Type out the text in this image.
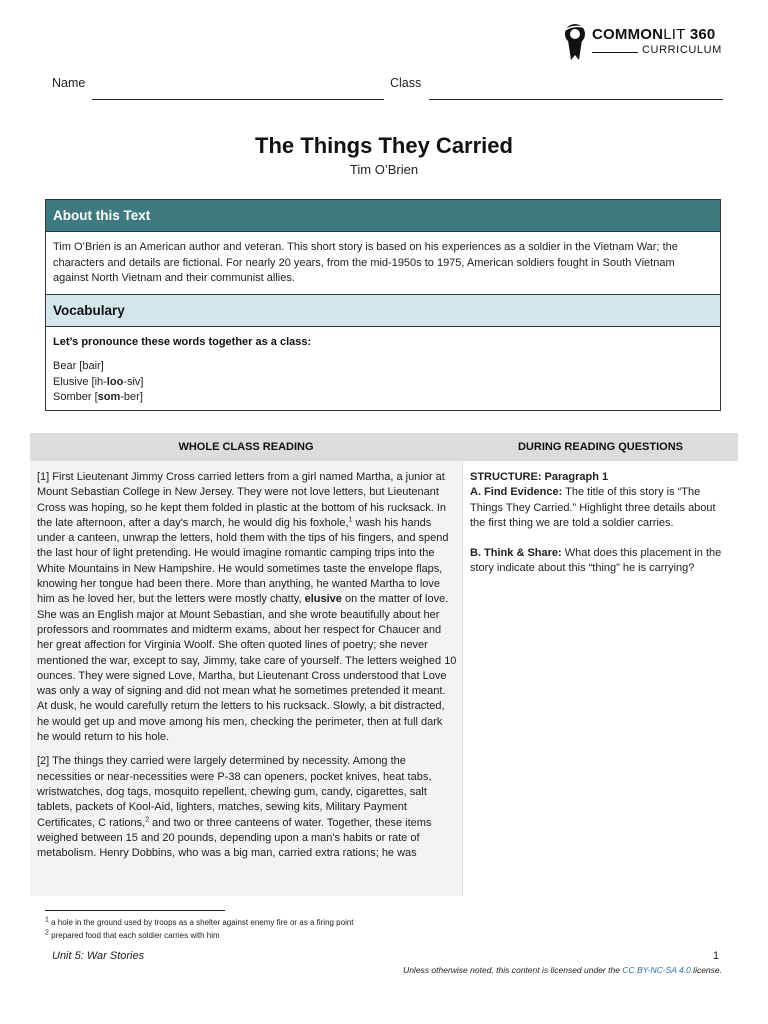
COMMONLIT 360
CURRICULUM
Name	Class
The Things They Carried
Tim O’Brien
About this Text
Tim O’Brien is an American author and veteran. This short story is based on his experiences as a soldier in the Vietnam War; the characters and details are fictional. For nearly 20 years, from the mid-1950s to 1975, American soldiers fought in South Vietnam against North Vietnam and their communist allies.
Vocabulary
Let’s pronounce these words together as a class:
Bear [bair]
Elusive [ih-loo-siv]
Somber [som-ber]
WHOLE CLASS READING	DURING READING QUESTIONS

[1] First Lieutenant Jimmy Cross carried letters from a girl named Martha, a junior at Mount Sebastian College in New Jersey. They were not love letters, but Lieutenant Cross was hoping, so he kept them folded in plastic at the bottom of his rucksack. In the late afternoon, after a day's march, he would dig his foxhole,$^1$ wash his hands under a canteen, unwrap the letters, hold them with the tips of his fingers, and spend the last hour of light pretending. He would imagine romantic camping trips into the White Mountains in New Hampshire. He would sometimes taste the envelope flaps, knowing her tongue had been there. More than anything, he wanted Martha to love him as he loved her, but the letters were mostly chatty, elusive on the matter of love. She was an English major at Mount Sebastian, and she wrote beautifully about her professors and roommates and midterm exams, about her respect for Chaucer and her great affection for Virginia Woolf. She often quoted lines of poetry; she never mentioned the war, except to say, Jimmy, take care of yourself. The letters weighed 10 ounces. They were signed Love, Martha, but Lieutenant Cross understood that Love was only a way of signing and did not mean what he sometimes pretended it meant. At dusk, he would carefully return the letters to his rucksack. Slowly, a bit distracted, he would get up and move among his men, checking the perimeter, then at full dark he would return to his hole.

[2] The things they carried were largely determined by necessity. Among the necessities or near-necessities were P-38 can openers, pocket knives, heat tabs, wristwatches, dog tags, mosquito repellent, chewing gum, candy, cigarettes, salt tablets, packets of Kool-Aid, lighters, matches, sewing kits, Military Payment Certificates, C rations,$^2$ and two or three canteens of water. Together, these items weighed between 15 and 20 pounds, depending upon a man's habits or rate of metabolism. Henry Dobbins, who was a big man, carried extra rations; he was

STRUCTURE: Paragraph 1

A. Find Evidence: The title of this story is “The Things They Carried.” Highlight three details about the first thing we are told a soldier carries.

B. Think & Share: What does this placement in the story indicate about this “thing” he is carrying?

$^1$ a hole in the ground used by troops as a shelter against enemy fire or as a firing point
$^2$ prepared food that each soldier carries with him
Unit 5: War Stories	1
Unless otherwise noted, this content is licensed under the CC BY-NC-SA 4.0 license.
